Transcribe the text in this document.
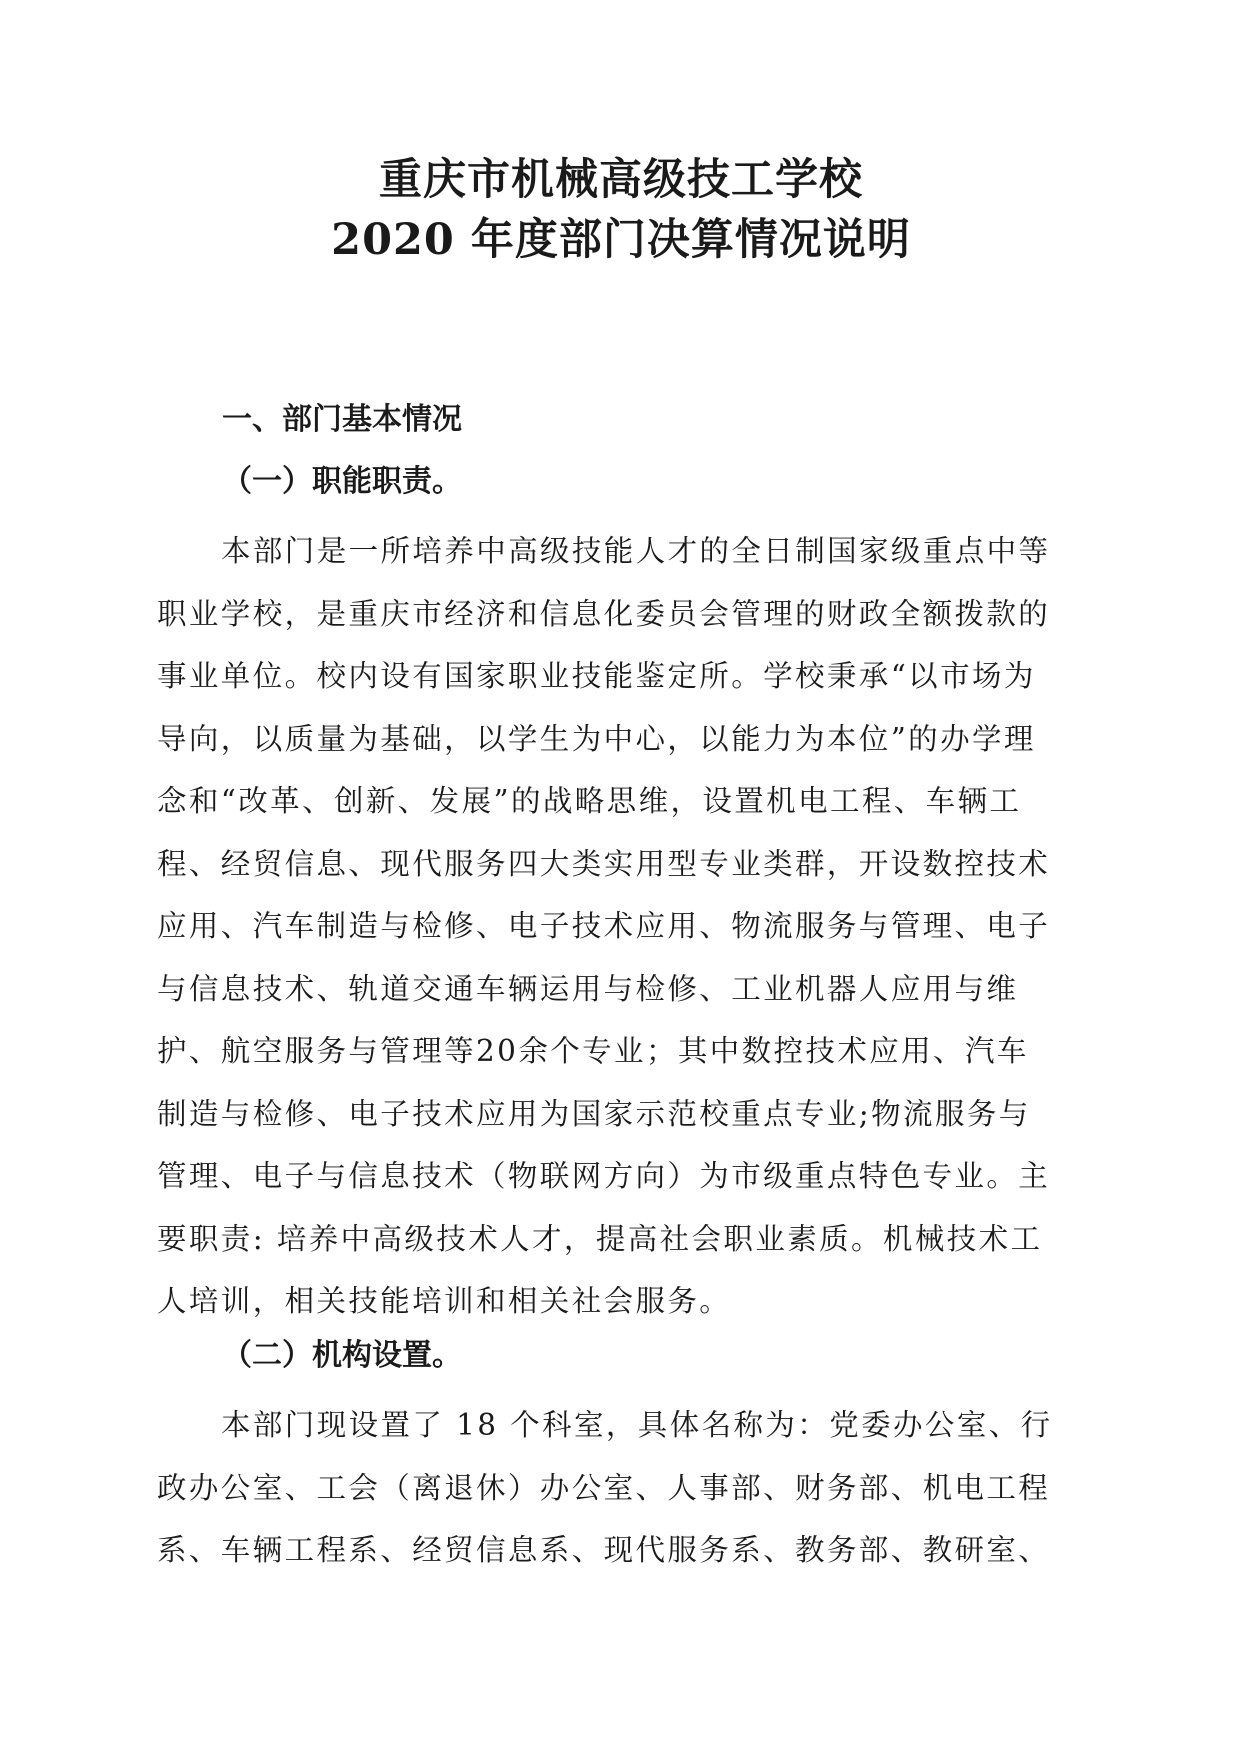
重庆市机械高级技工学校
2020 年度部门决算情况说明
一、部门基本情况
（一）职能职责。
本部门是一所培养中高级技能人才的全日制国家级重点中等
职业学校，是重庆市经济和信息化委员会管理的财政全额拨款的
事业单位。校内设有国家职业技能鉴定所。学校秉承“以市场为
导向，以质量为基础，以学生为中心，以能力为本位”的办学理
念和“改革、创新、发展”的战略思维，设置机电工程、车辆工
程、经贸信息、现代服务四大类实用型专业类群，开设数控技术
应用、汽车制造与检修、电子技术应用、物流服务与管理、电子
与信息技术、轨道交通车辆运用与检修、工业机器人应用与维
护、航空服务与管理等20余个专业；其中数控技术应用、汽车
制造与检修、电子技术应用为国家示范校重点专业;物流服务与
管理、电子与信息技术（物联网方向）为市级重点特色专业。主
要职责: 培养中高级技术人才，提高社会职业素质。机械技术工
人培训，相关技能培训和相关社会服务。
（二）机构设置。
本部门现设置了 18 个科室，具体名称为：党委办公室、行
政办公室、工会（离退休）办公室、人事部、财务部、机电工程
系、车辆工程系、经贸信息系、现代服务系、教务部、教研室、
